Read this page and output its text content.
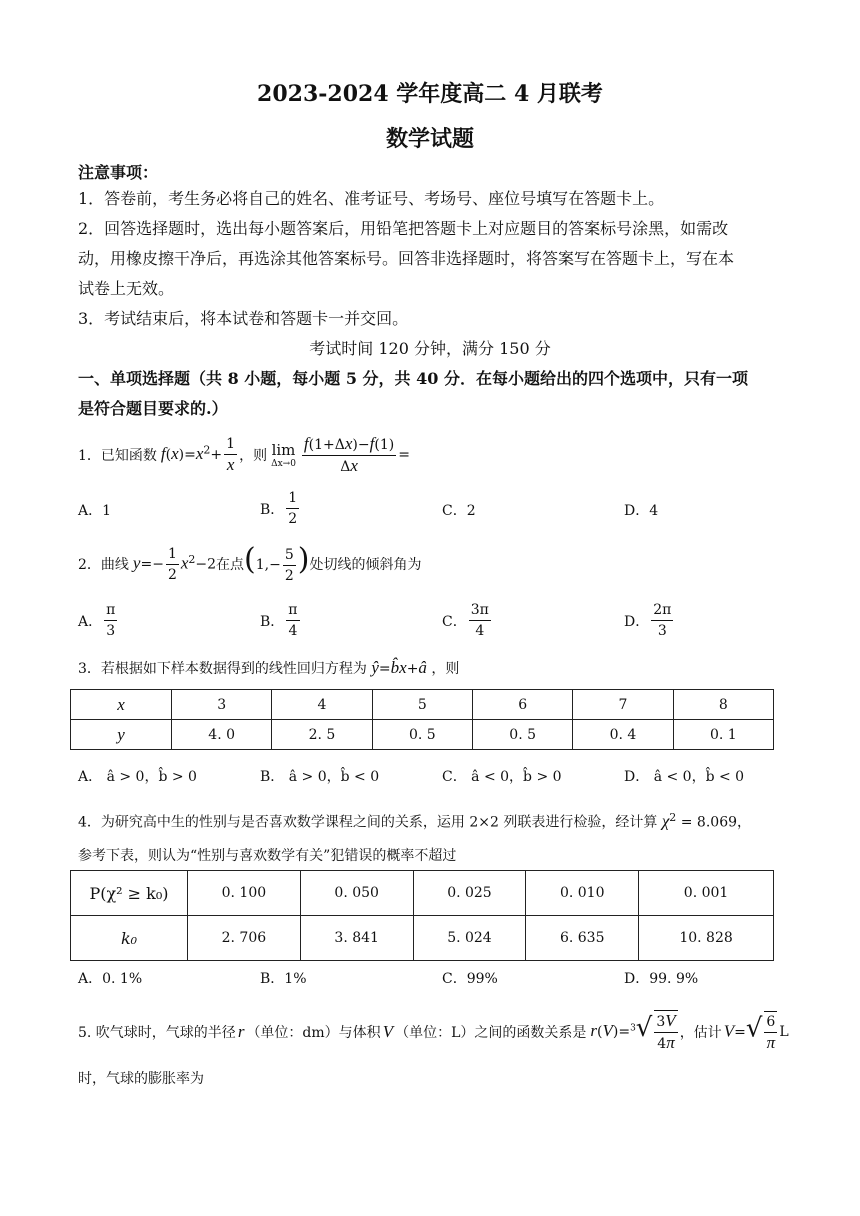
2023-2024 学年度高二 4 月联考
数学试题
注意事项：
1．答卷前，考生务必将自己的姓名、准考证号、考场号、座位号填写在答题卡上。
2．回答选择题时，选出每小题答案后，用铅笔把答题卡上对应题目的答案标号涂黑，如需改
动，用橡皮擦干净后，再选涂其他答案标号。回答非选择题时，将答案写在答题卡上，写在本
试卷上无效。
3．考试结束后，将本试卷和答题卡一并交回。
考试时间 120 分钟，满分 150 分
一、单项选择题（共 8 小题，每小题 5 分，共 40 分．在每小题给出的四个选项中，只有一项
是符合题目要求的.）
1．已知函数 $f(x)=x^2+ \frac{1}{x}$ ，则 lim
$\Delta x\to 0 \frac{f(1+\Delta x)-f(1)}{\Delta x}$ =
A．1	B． $\frac{1}{2}$	C．2	D．4
2．曲线 $y=- \frac{1}{2} x^2-2$ 在点 ($1,- \frac{5}{2}$ ) 处切线的倾斜角为
A． $\frac{\pi}{3}$	B． $\frac{\pi}{4}$	C． $\frac{3\pi}{4}$	D． $\frac{2\pi}{3}$
3．若根据如下样本数据得到的线性回归方程为 ŷ=b̂x+â ，则
x	3	4	5	6	7	8
y	4. 0	2. 5	0. 5	0. 5	0. 4	0. 1
A． â > 0，b̂ > 0	B． â > 0，b̂ < 0	C． â < 0，b̂ > 0	D． â < 0，b̂ < 0
4．为研究高中生的性别与是否喜欢数学课程之间的关系，运用 2×2 列联表进行检验，经计算 $\chi^2 = 8.069$，
参考下表，则认为“性别与喜欢数学有关”犯错误的概率不超过
P(χ² ≥ k₀)	0. 100	0. 050	0. 025	0. 010	0. 001
k₀	2. 706	3. 841	5. 024	6. 635	10. 828
A．0. 1%	B．1%	C．99%	D．99. 9%
5. 吹气球时，气球的半径 r （单位：dm）与体积 V （单位：L）之间的函数关系是 $r(V)=^3√ \frac{3V}{4\pi}$ ，估计 $V=√ \frac{6}{\pi}$ L
时，气球的膨胀率为
